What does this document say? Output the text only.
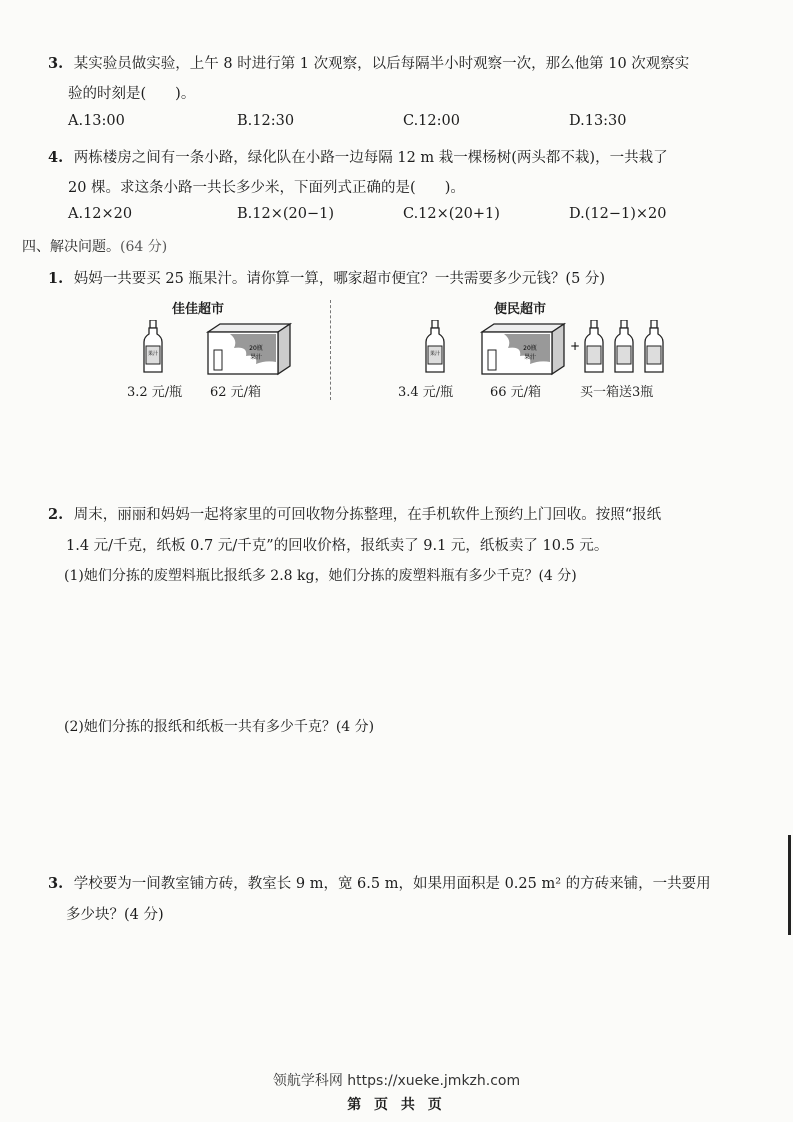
3. 某实验员做实验，上午 8 时进行第 1 次观察，以后每隔半小时观察一次，那么他第 10 次观察实
验的时刻是(　　)。
A.13:00	B.12:30	C.12:00	D.13:30
4. 两栋楼房之间有一条小路，绿化队在小路一边每隔 12 m 栽一棵杨树(两头都不栽)，一共栽了
20 棵。求这条小路一共长多少米，下面列式正确的是(　　)。
A.12×20	B.12×(20−1)	C.12×(20+1)	D.(12−1)×20
四、解决问题。(64 分)
1. 妈妈一共要买 25 瓶果汁。请你算一算，哪家超市便宜？一共需要多少元钱？(5 分)
佳佳超市
果汁
20瓶
果汁
3.2 元/瓶 62 元/箱
便民超市
果汁
20瓶
果汁
+
3.4 元/瓶	66 元/箱	买一箱送3瓶
2. 周末，丽丽和妈妈一起将家里的可回收物分拣整理，在手机软件上预约上门回收。按照“报纸
1.4 元/千克，纸板 0.7 元/千克”的回收价格，报纸卖了 9.1 元，纸板卖了 10.5 元。
(1)她们分拣的废塑料瓶比报纸多 2.8 kg，她们分拣的废塑料瓶有多少千克？(4 分)
(2)她们分拣的报纸和纸板一共有多少千克？(4 分)
3. 学校要为一间教室铺方砖，教室长 9 m，宽 6.5 m，如果用面积是 0.25 m² 的方砖来铺，一共要用
多少块？(4 分)
领航学科网 https://xueke.jmkzh.com
第 页 共 页
